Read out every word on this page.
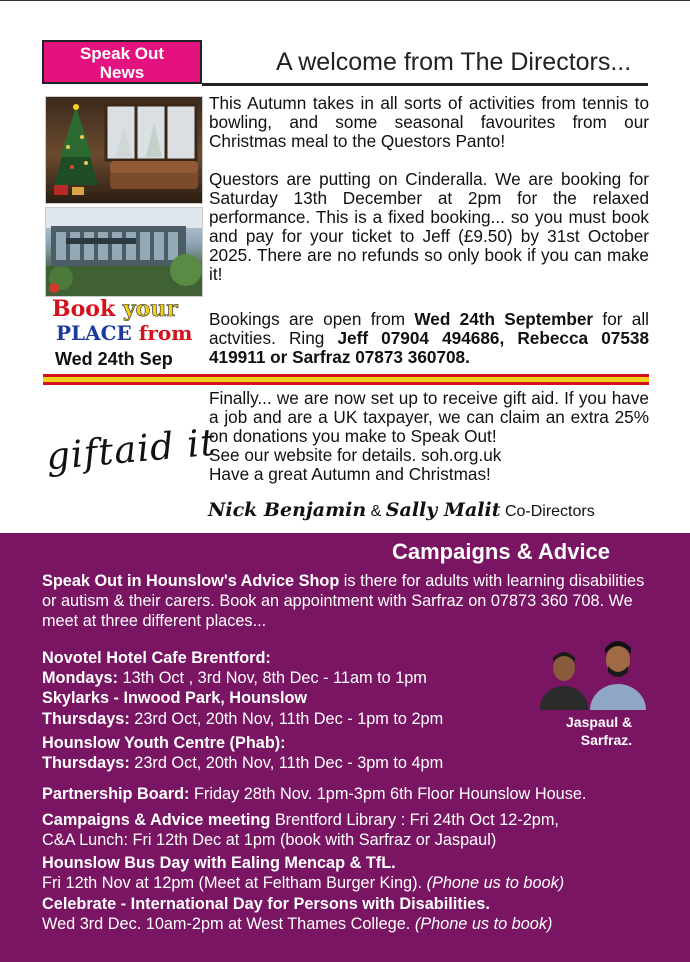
Speak Out
News	A welcome from The Directors...
Book your
PLACE from
Wed 24th Sep
This Autumn takes in all sorts of activities from tennis to bowling, and some seasonal favourites from our Christmas meal to the Questors Panto!
Questors are putting on Cinderalla. We are booking for Saturday 13th December at 2pm for the relaxed performance. This is a fixed booking... so you must book and pay for your ticket to Jeff (£9.50) by 31st October 2025. There are no refunds so only book if you can make it!
Bookings are open from Wed 24th September for all actvities. Ring Jeff 07904 494686, Rebecca 07538 419911 or Sarfraz 07873 360708.
Finally... we are now set up to receive gift aid. If you have a job and are a UK taxpayer, we can claim an extra 25% on donations you make to Speak Out!
See our website for details. soh.org.uk
Have a great Autumn and Christmas!
giftaid it
Nick Benjamin & Sally Malit Co-Directors
Campaigns & Advice
Speak Out in Hounslow's Advice Shop is there for adults with learning disabilities or autism & their carers. Book an appointment with Sarfraz on 07873 360 708. We meet at three different places...
Novotel Hotel Cafe Brentford:
Mondays: 13th Oct , 3rd Nov, 8th Dec - 11am to 1pm
Skylarks - Inwood Park, Hounslow
Thursdays: 23rd Oct, 20th Nov, 11th Dec - 1pm to 2pm
Hounslow Youth Centre (Phab):
Thursdays: 23rd Oct, 20th Nov, 11th Dec - 3pm to 4pm
Jaspaul &
Sarfraz.
Partnership Board: Friday 28th Nov. 1pm-3pm 6th Floor Hounslow House.
Campaigns & Advice meeting Brentford Library : Fri 24th Oct 12-2pm,
C&A Lunch: Fri 12th Dec at 1pm (book with Sarfraz or Jaspaul)
Hounslow Bus Day with Ealing Mencap & TfL.
Fri 12th Nov at 12pm (Meet at Feltham Burger King). (Phone us to book)
Celebrate - International Day for Persons with Disabilities.
Wed 3rd Dec. 10am-2pm at West Thames College. (Phone us to book)
